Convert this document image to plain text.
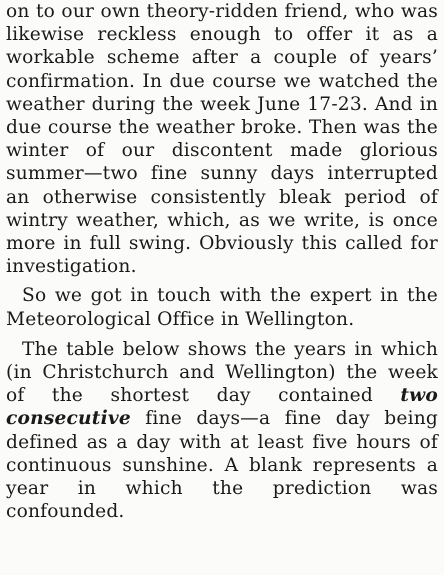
on to our own theory-ridden friend, who was likewise reckless enough to offer it as a workable scheme after a couple of years’ confirmation. In due course we watched the weather during the week June 17-23. And in due course the weather broke. Then was the winter of our discontent made glorious summer—two fine sunny days interrupted an otherwise consistently bleak period of wintry weather, which, as we write, is once more in full swing. Obviously this called for investigation.

So we got in touch with the expert in the Meteorological Office in Wellington.

The table below shows the years in which (in Christchurch and Wellington) the week of the shortest day contained two consecutive fine days—a fine day being defined as a day with at least five hours of continuous sunshine. A blank represents a year in which the prediction was confounded.
